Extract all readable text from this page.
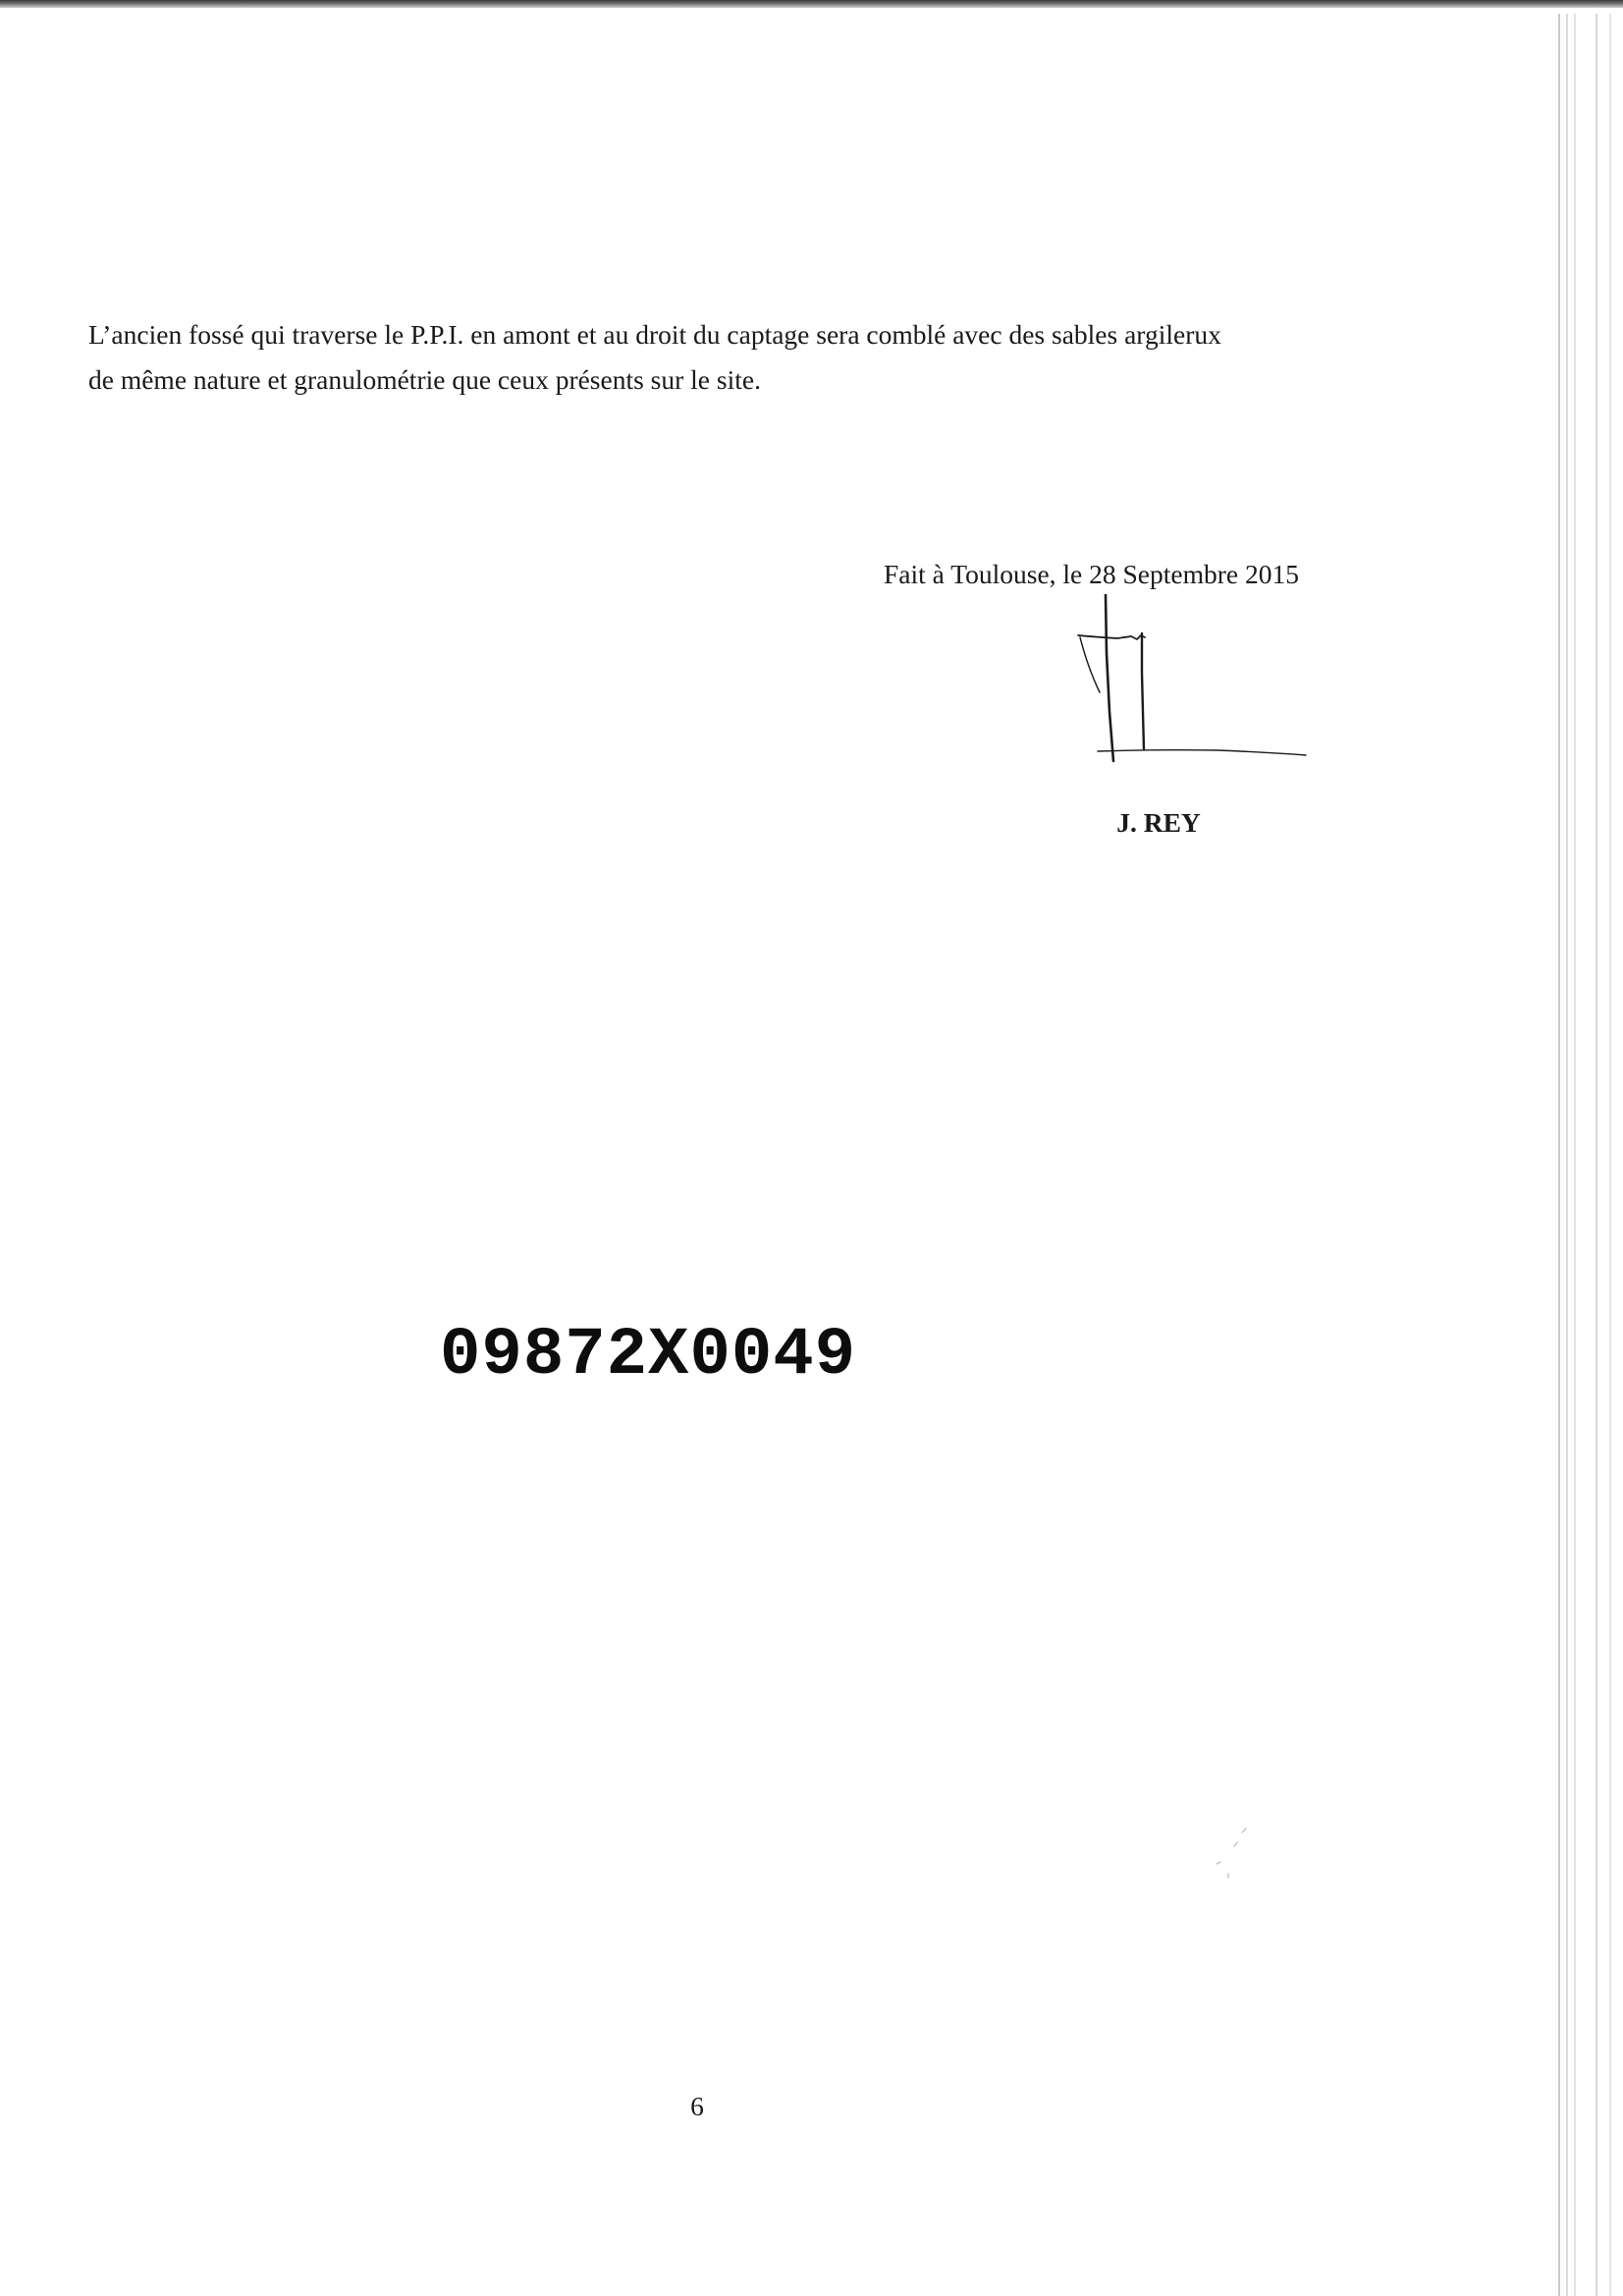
L’ancien fossé qui traverse le P.P.I. en amont et au droit du captage sera comblé avec des sables argilerux
de même nature et granulométrie que ceux présents sur le site.

Fait à Toulouse, le 28 Septembre 2015

J. REY

09872X0049

6
